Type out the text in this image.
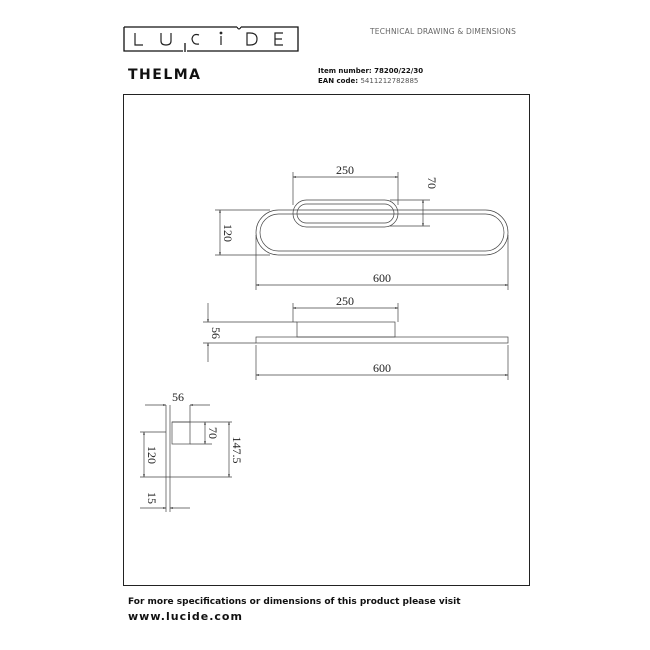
TECHNICAL DRAWING & DIMENSIONS
THELMA	Item number: 78200/22/30
EAN code: 5411212782885
250
70
120
600
250
56
600
56
70
120	147.5
15
For more specifications or dimensions of this product please visit
www.lucide.com
